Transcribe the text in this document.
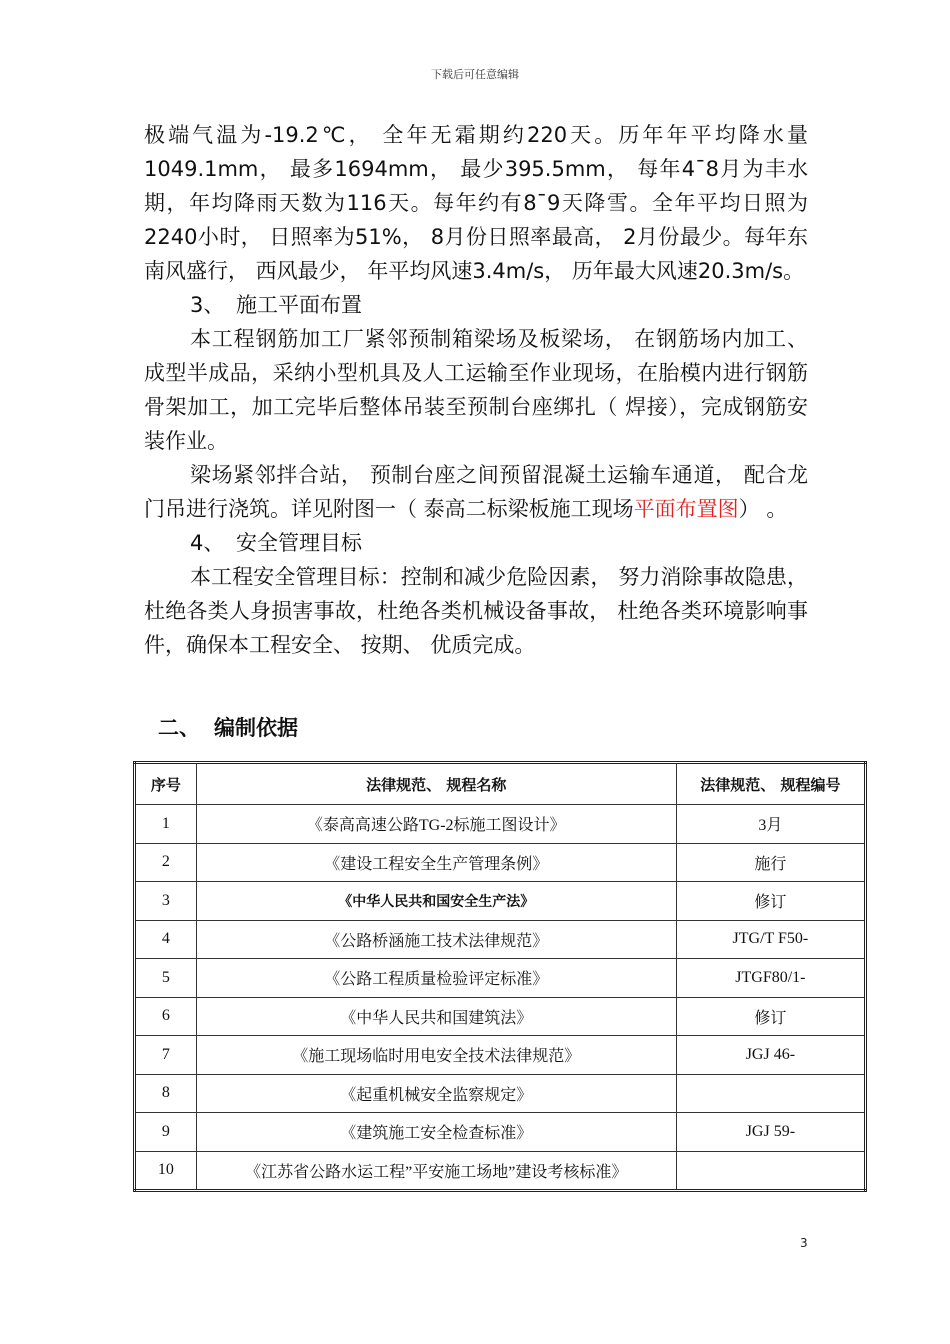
下载后可任意编辑

极端气温为-19.2℃， 全年无霜期约220天。历年年平均降水量1049.1mm， 最多1694mm， 最少395.5mm， 每年4¯8月为丰水期，年均降雨天数为116天。每年约有8¯9天降雪。全年平均日照为2240小时， 日照率为51%， 8月份日照率最高， 2月份最少。每年东南风盛行， 西风最少， 年平均风速3.4m/s， 历年最大风速20.3m/s。

3、 施工平面布置

本工程钢筋加工厂紧邻预制箱梁场及板梁场， 在钢筋场内加工、 成型半成品，采纳小型机具及人工运输至作业现场，在胎模内进行钢筋骨架加工，加工完毕后整体吊装至预制台座绑扎（ 焊接），完成钢筋安装作业。

梁场紧邻拌合站， 预制台座之间预留混凝土运输车通道， 配合龙门吊进行浇筑。详见附图一（ 泰高二标梁板施工现场平面布置图） 。

4、 安全管理目标

本工程安全管理目标：控制和减少危险因素， 努力消除事故隐患， 杜绝各类人身损害事故，杜绝各类机械设备事故， 杜绝各类环境影响事件，确保本工程安全、 按期、 优质完成。

二、 编制依据
序号	法律规范、 规程名称	法律规范、 规程编号
1	《泰高高速公路TG-2标施工图设计》	3月
2	《建设工程安全生产管理条例》	施行
3	《中华人民共和国安全生产法》	修订
4	《公路桥涵施工技术法律规范》	JTG/T F50-
5	《公路工程质量检验评定标准》	JTGF80/1-
6	《中华人民共和国建筑法》	修订
7	《施工现场临时用电安全技术法律规范》	JGJ 46-
8	《起重机械安全监察规定》	
9	《建筑施工安全检查标准》	JGJ 59-
10	《江苏省公路水运工程”平安施工场地”建设考核标准》	
3
